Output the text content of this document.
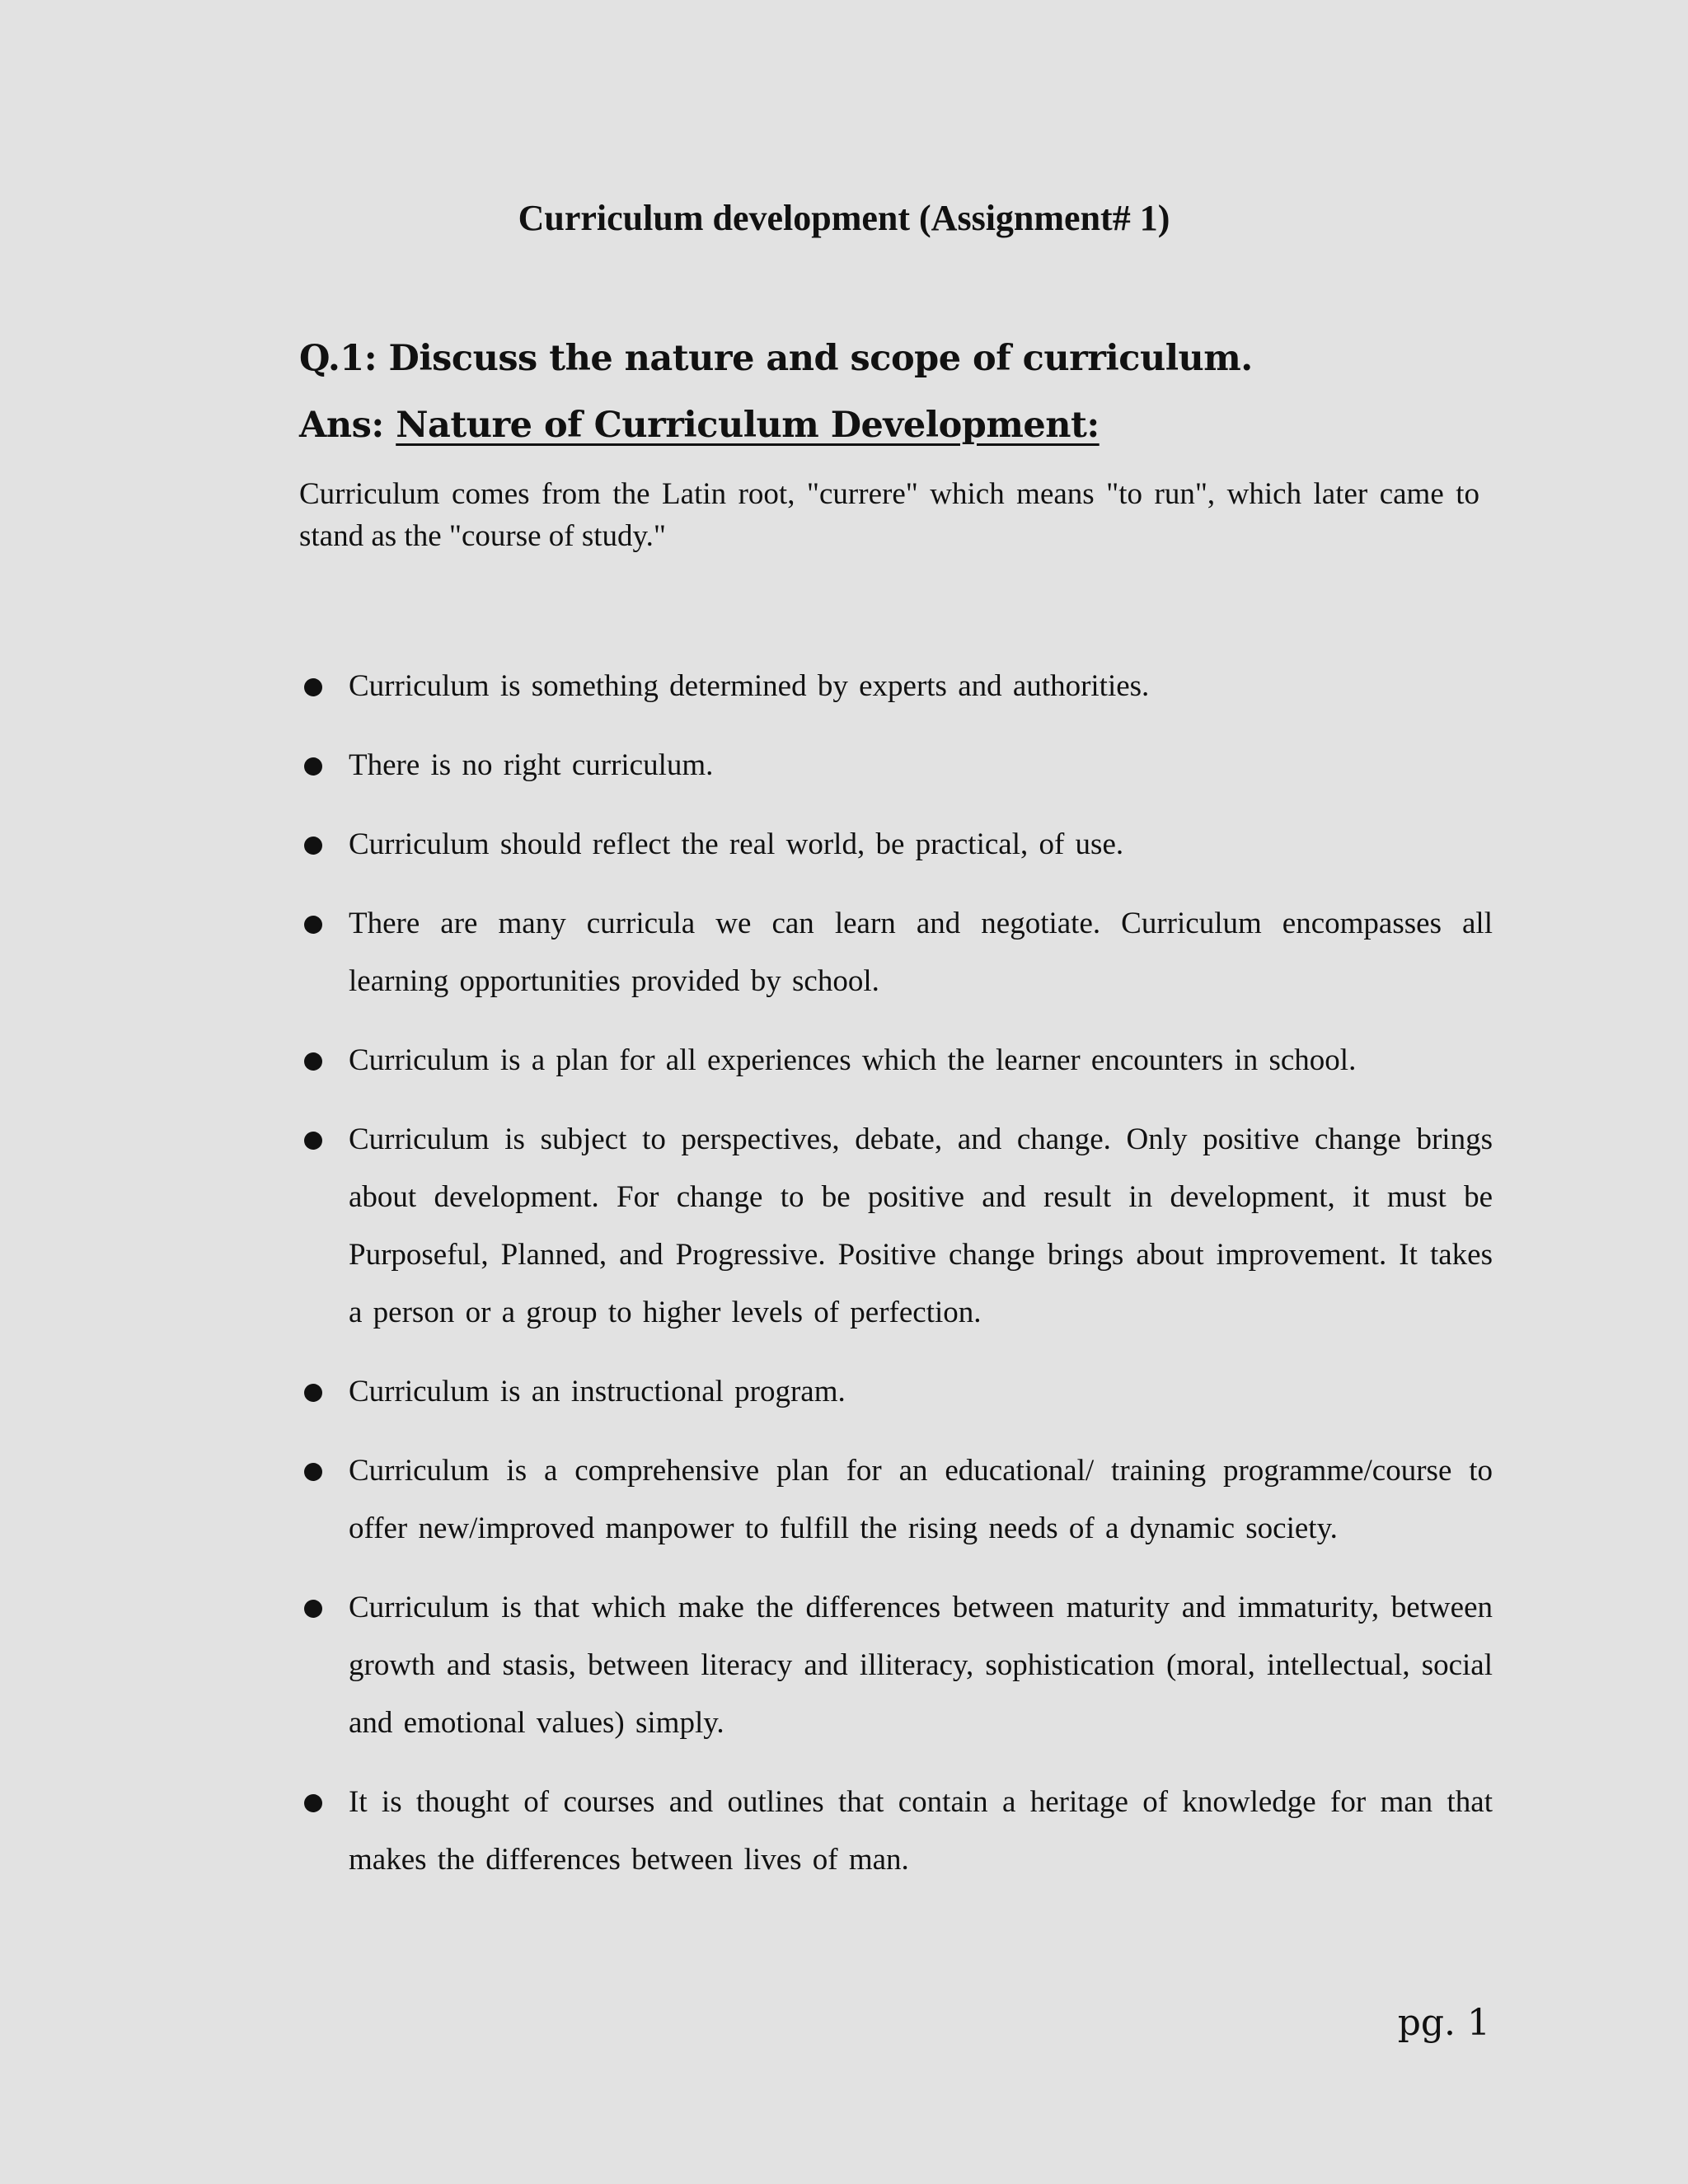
Curriculum development (Assignment# 1)

Q.1: Discuss the nature and scope of curriculum.

Ans: Nature of Curriculum Development:

Curriculum comes from the Latin root, "currere" which means "to run", which later came to stand as the "course of study."

Curriculum is something determined by experts and authorities.
There is no right curriculum.
Curriculum should reflect the real world, be practical, of use.
There are many curricula we can learn and negotiate. Curriculum encompasses all learning opportunities provided by school.
Curriculum is a plan for all experiences which the learner encounters in school.
Curriculum is subject to perspectives, debate, and change. Only positive change brings about development. For change to be positive and result in development, it must be Purposeful, Planned, and Progressive. Positive change brings about improvement. It takes a person or a group to higher levels of perfection.
Curriculum is an instructional program.
Curriculum is a comprehensive plan for an educational/ training programme/course to offer new/improved manpower to fulfill the rising needs of a dynamic society.
Curriculum is that which make the differences between maturity and immaturity, between growth and stasis, between literacy and illiteracy, sophistication (moral, intellectual, social and emotional values) simply.
It is thought of courses and outlines that contain a heritage of knowledge for man that makes the differences between lives of man.

pg. 1
